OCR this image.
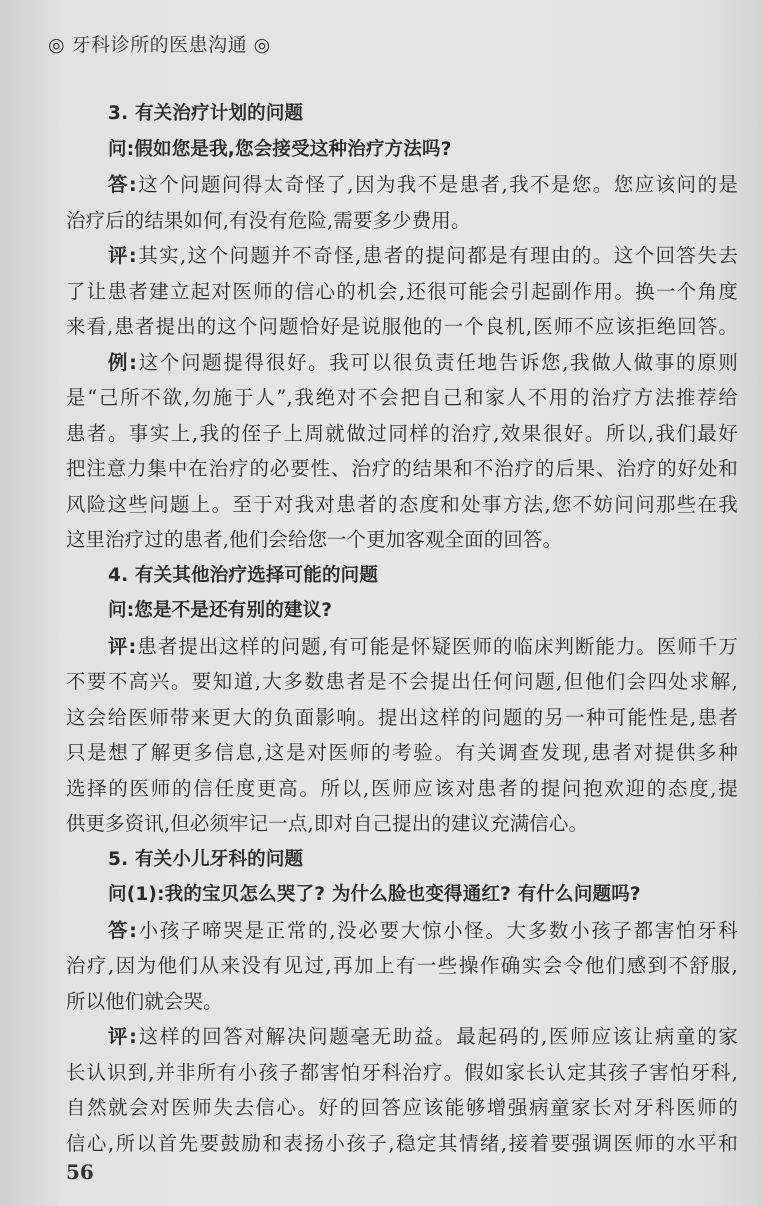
◎ 牙科诊所的医患沟通 ◎
3. 有关治疗计划的问题
问:假如您是我,您会接受这种治疗方法吗?
答:这个问题问得太奇怪了,因为我不是患者,我不是您。您应该问的是
治疗后的结果如何,有没有危险,需要多少费用。
评:其实,这个问题并不奇怪,患者的提问都是有理由的。这个回答失去
了让患者建立起对医师的信心的机会,还很可能会引起副作用。换一个角度
来看,患者提出的这个问题恰好是说服他的一个良机,医师不应该拒绝回答。
例:这个问题提得很好。我可以很负责任地告诉您,我做人做事的原则
是“己所不欲,勿施于人”,我绝对不会把自己和家人不用的治疗方法推荐给
患者。事实上,我的侄子上周就做过同样的治疗,效果很好。所以,我们最好
把注意力集中在治疗的必要性、治疗的结果和不治疗的后果、治疗的好处和
风险这些问题上。至于对我对患者的态度和处事方法,您不妨问问那些在我
这里治疗过的患者,他们会给您一个更加客观全面的回答。
4. 有关其他治疗选择可能的问题
问:您是不是还有别的建议?
评:患者提出这样的问题,有可能是怀疑医师的临床判断能力。医师千万
不要不高兴。要知道,大多数患者是不会提出任何问题,但他们会四处求解,
这会给医师带来更大的负面影响。提出这样的问题的另一种可能性是,患者
只是想了解更多信息,这是对医师的考验。有关调查发现,患者对提供多种
选择的医师的信任度更高。所以,医师应该对患者的提问抱欢迎的态度,提
供更多资讯,但必须牢记一点,即对自己提出的建议充满信心。
5. 有关小儿牙科的问题
问(1):我的宝贝怎么哭了? 为什么脸也变得通红? 有什么问题吗?
答:小孩子啼哭是正常的,没必要大惊小怪。大多数小孩子都害怕牙科
治疗,因为他们从来没有见过,再加上有一些操作确实会令他们感到不舒服,
所以他们就会哭。
评:这样的回答对解决问题毫无助益。最起码的,医师应该让病童的家
长认识到,并非所有小孩子都害怕牙科治疗。假如家长认定其孩子害怕牙科,
自然就会对医师失去信心。好的回答应该能够增强病童家长对牙科医师的
信心,所以首先要鼓励和表扬小孩子,稳定其情绪,接着要强调医师的水平和
56
